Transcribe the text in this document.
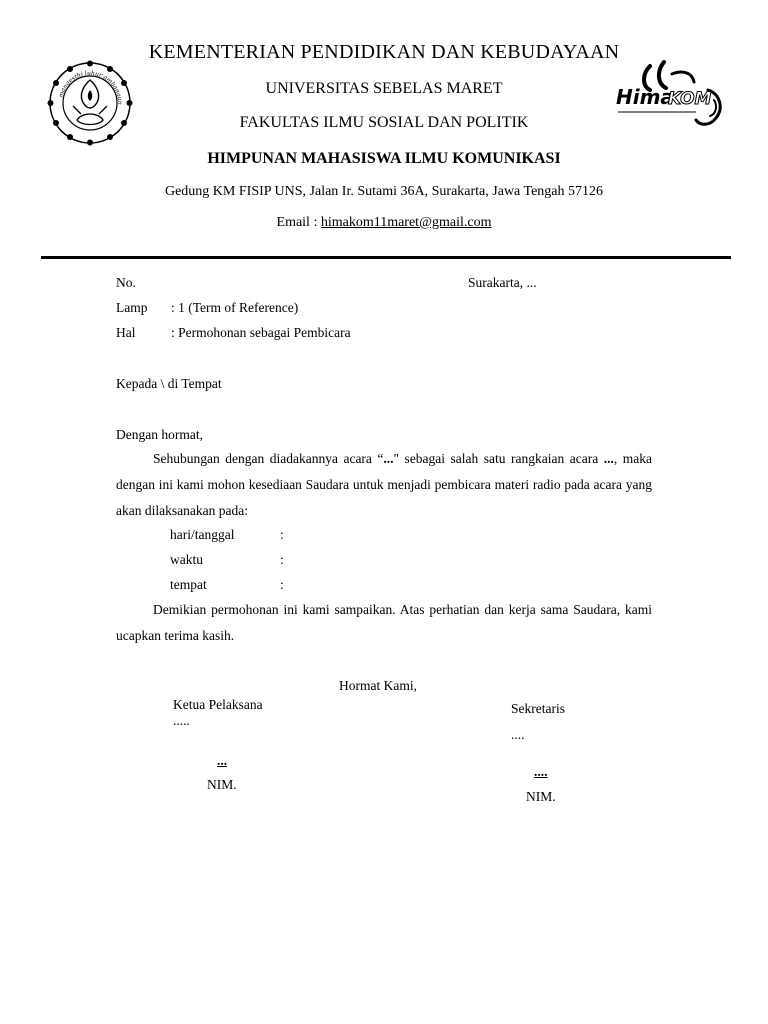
mangesthi luhur ambangun	Hima
KOM
KEMENTERIAN PENDIDIKAN DAN KEBUDAYAAN
UNIVERSITAS SEBELAS MARET
FAKULTAS ILMU SOSIAL DAN POLITIK
HIMPUNAN MAHASISWA ILMU KOMUNIKASI
Gedung KM FISIP UNS, Jalan Ir. Sutami 36A, Surakarta, Jawa Tengah 57126
Email : himakom11maret@gmail.com
No.	Surakarta, ...
Lamp : 1 (Term of Reference)
Hal	: Permohonan sebagai Pembicara
Kepada \ di Tempat
Dengan hormat,
Sehubungan dengan diadakannya acara “..." sebagai salah satu rangkaian acara ..., maka dengan ini kami mohon kesediaan Saudara untuk menjadi pembicara materi radio pada acara yang akan dilaksanakan pada:
hari/tanggal	:
waktu	:
tempat	:
Demikian permohonan ini kami sampaikan. Atas perhatian dan kerja sama Saudara, kami ucapkan terima kasih.
Hormat Kami,
Ketua Pelaksana
.....
...
NIM.
Sekretaris
....
....
NIM.
